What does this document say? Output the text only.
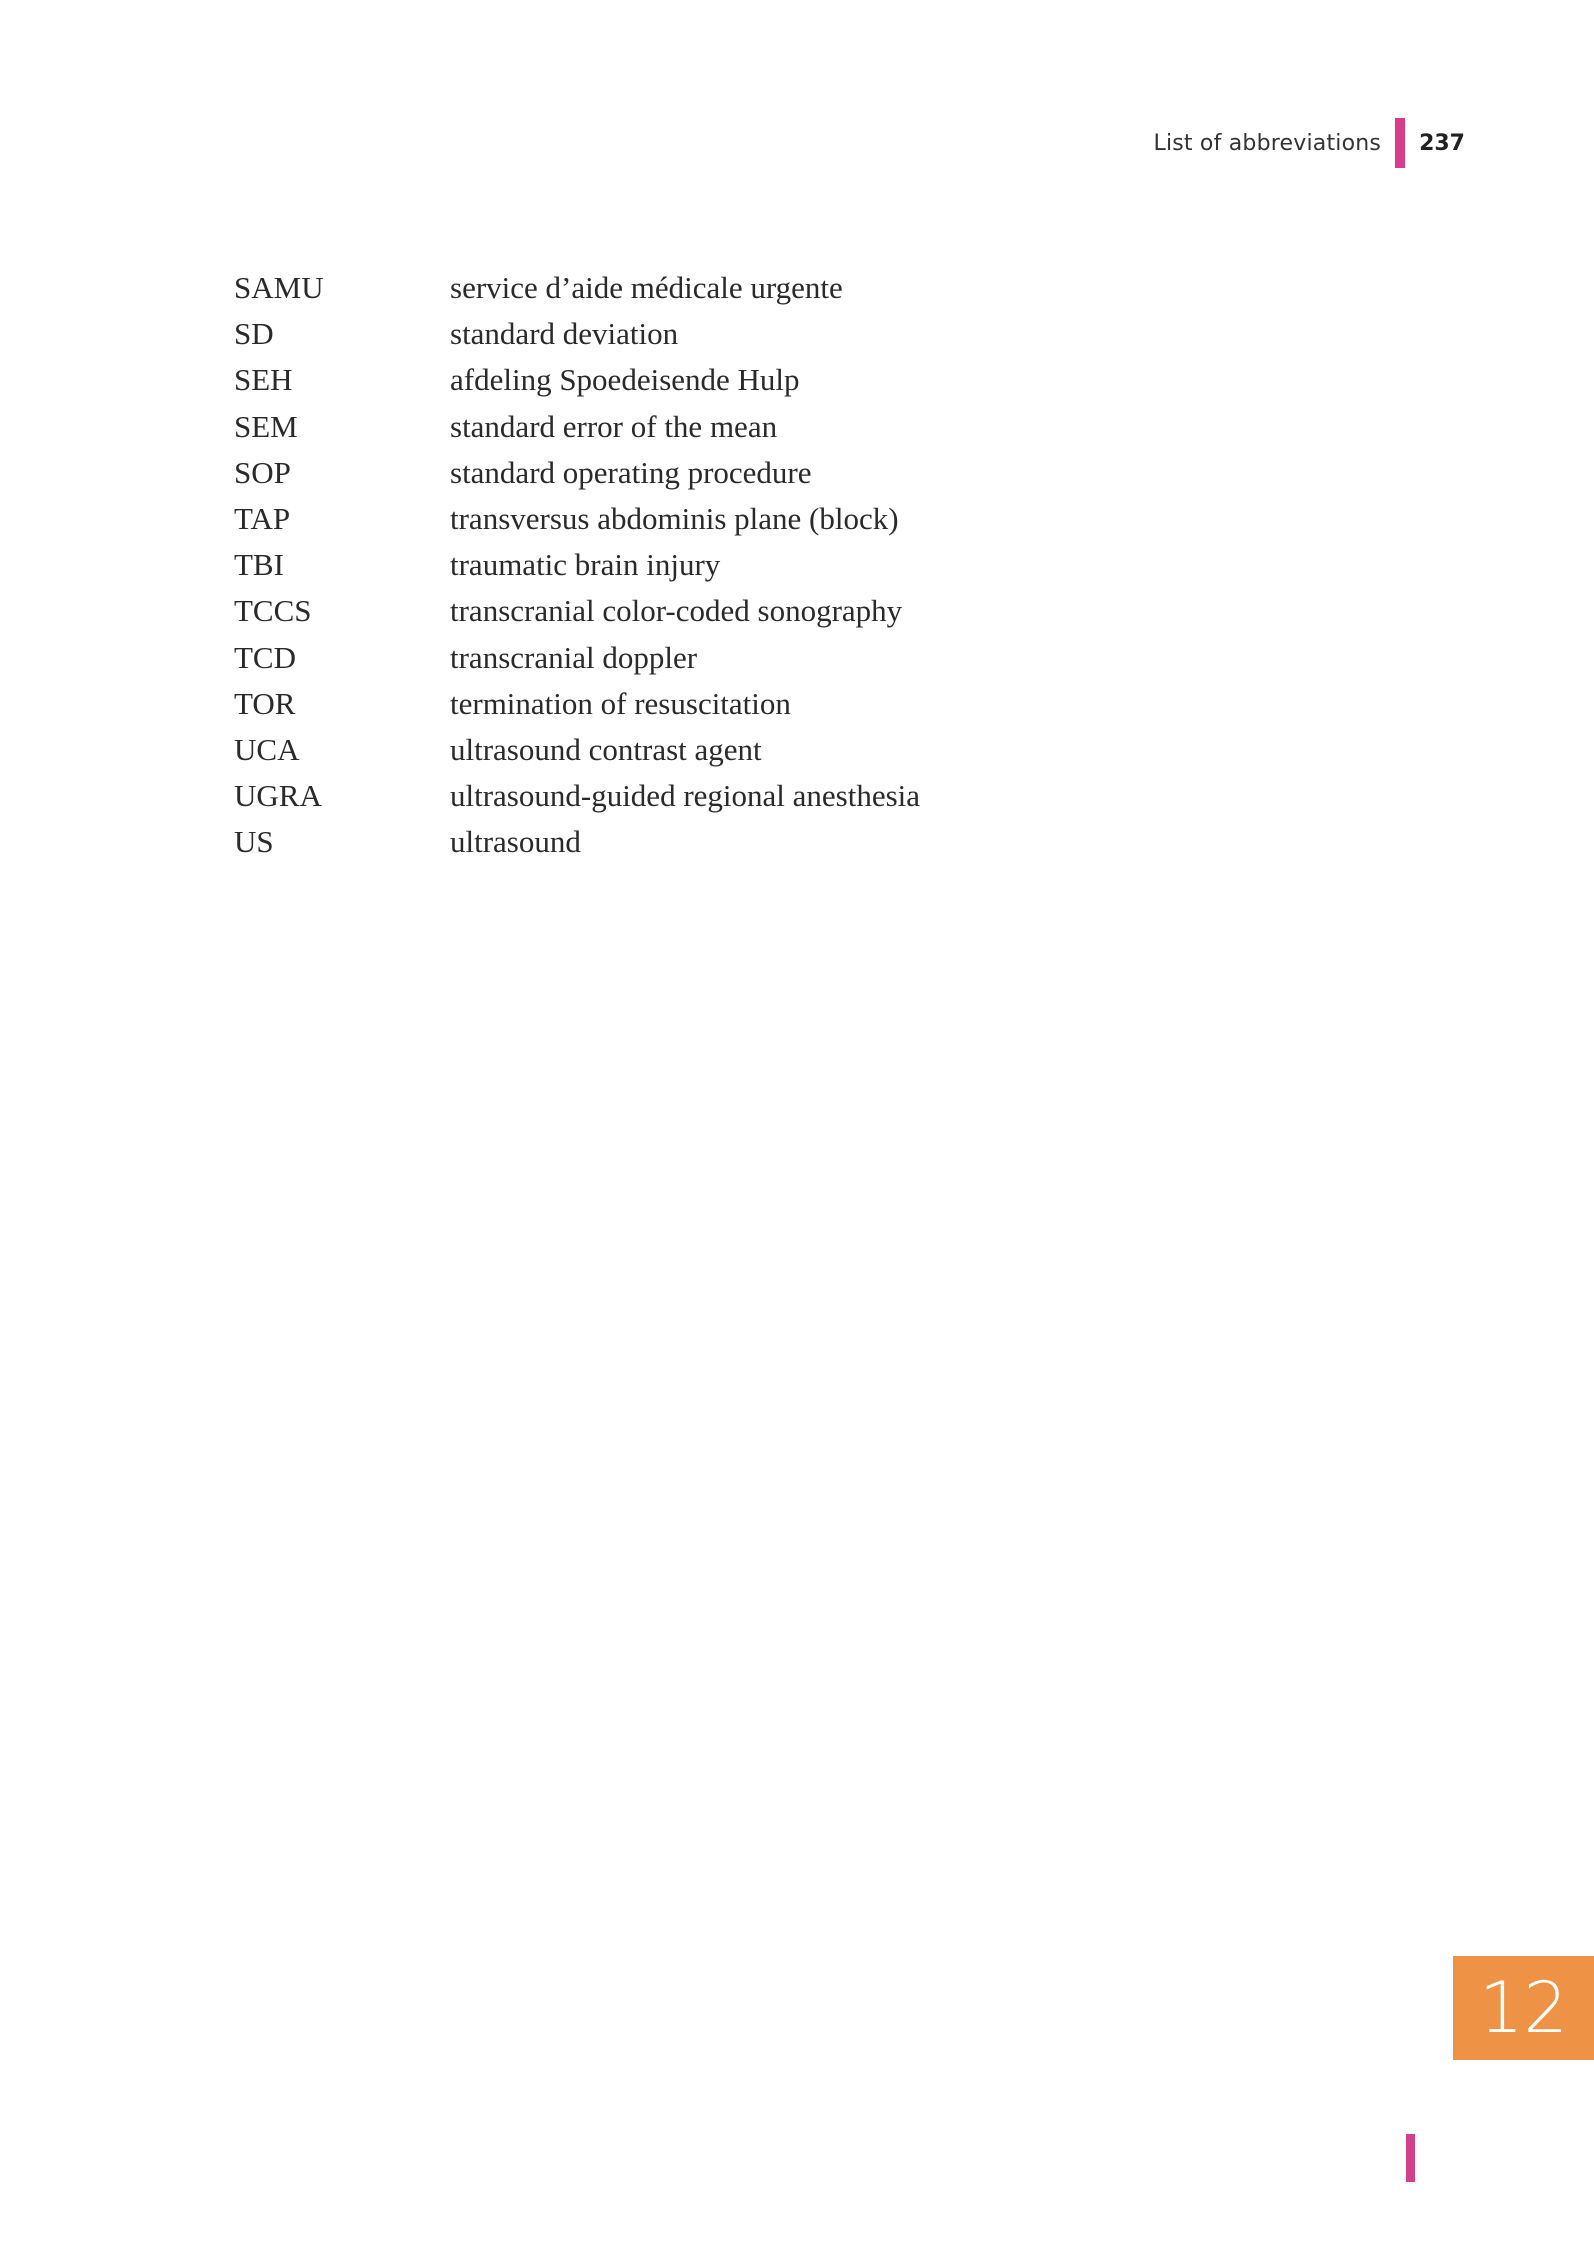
List of abbreviations 237
SAMU	service d’aide médicale urgente
SD	standard deviation
SEH	afdeling Spoedeisende Hulp
SEM	standard error of the mean
SOP	standard operating procedure
TAP	transversus abdominis plane (block)
TBI	traumatic brain injury
TCCS	transcranial color-coded sonography
TCD	transcranial doppler
TOR	termination of resuscitation
UCA	ultrasound contrast agent
UGRA	ultrasound-guided regional anesthesia
US	ultrasound
12
